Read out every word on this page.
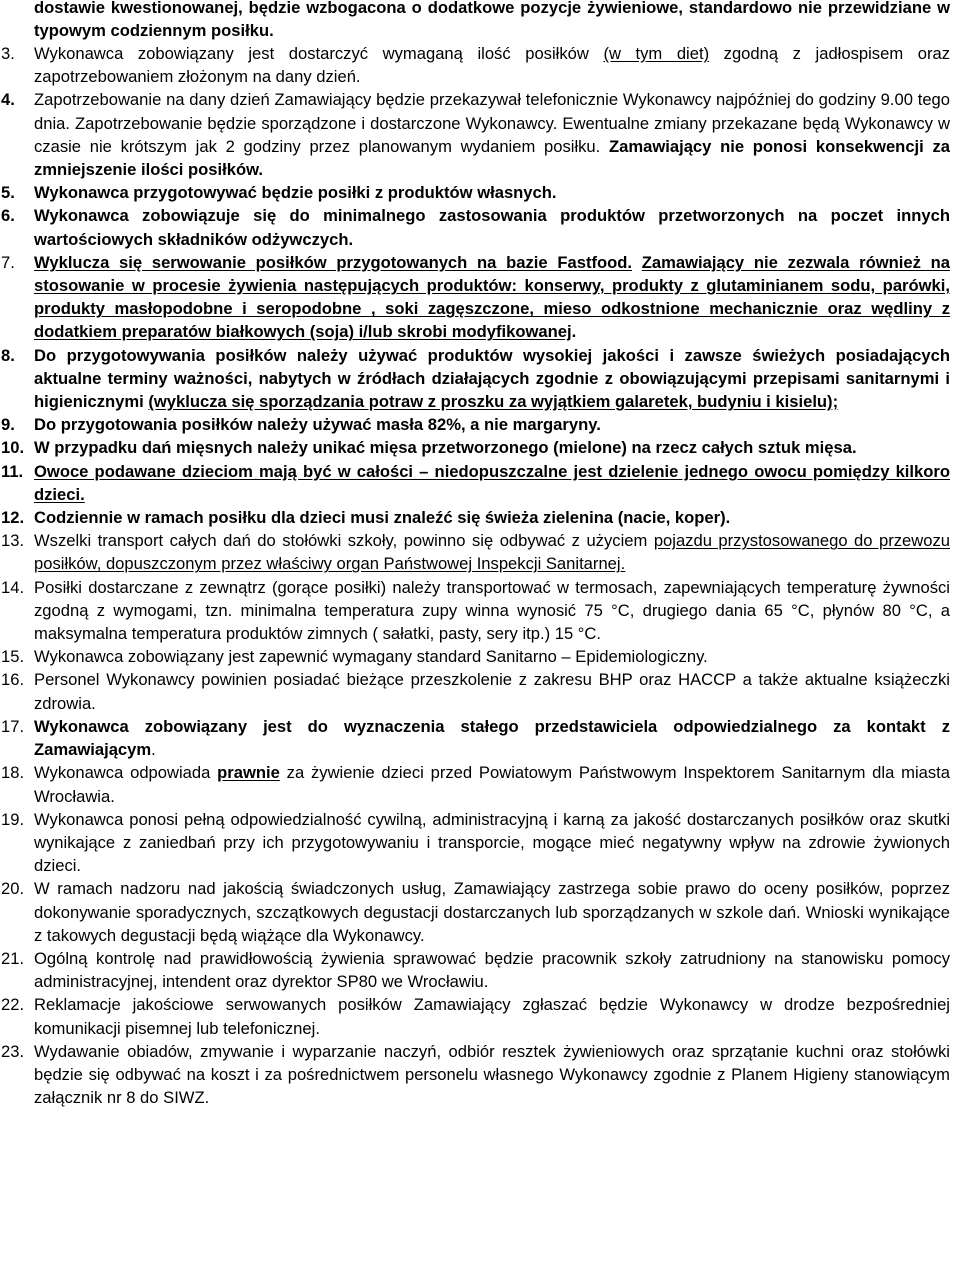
dostawie kwestionowanej, będzie wzbogacona o dodatkowe pozycje żywieniowe, standardowo nie przewidziane w typowym codziennym posiłku.

3.	Wykonawca zobowiązany jest dostarczyć wymaganą ilość posiłków (w tym diet) zgodną z jadłospisem oraz zapotrzebowaniem złożonym na dany dzień.
4.	Zapotrzebowanie na dany dzień Zamawiający będzie przekazywał telefonicznie Wykonawcy najpóźniej do godziny 9.00 tego dnia. Zapotrzebowanie będzie sporządzone i dostarczone Wykonawcy. Ewentualne zmiany przekazane będą Wykonawcy w czasie nie krótszym jak 2 godziny przez planowanym wydaniem posiłku. Zamawiający nie ponosi konsekwencji za zmniejszenie ilości posiłków.
5.	Wykonawca przygotowywać będzie posiłki z produktów własnych.
6.	Wykonawca zobowiązuje się do minimalnego zastosowania produktów przetworzonych na poczet innych wartościowych składników odżywczych.
7.	Wyklucza się serwowanie posiłków przygotowanych na bazie Fastfood. Zamawiający nie zezwala również na stosowanie w procesie żywienia następujących produktów: konserwy, produkty z glutaminianem sodu, parówki, produkty masłopodobne i seropodobne , soki zagęszczone, mieso odkostnione mechanicznie oraz wędliny z dodatkiem preparatów białkowych (soja) i/lub skrobi modyfikowanej.
8.	Do przygotowywania posiłków należy używać produktów wysokiej jakości i zawsze świeżych posiadających aktualne terminy ważności, nabytych w źródłach działających zgodnie z obowiązującymi przepisami sanitarnymi i higienicznymi (wyklucza się sporządzania potraw z proszku za wyjątkiem galaretek, budyniu i kisielu);
9.	Do przygotowania posiłków należy używać masła 82%, a nie margaryny.
10. W przypadku dań mięsnych należy unikać mięsa przetworzonego (mielone) na rzecz całych sztuk mięsa.
11. Owoce podawane dzieciom mają być w całości – niedopuszczalne jest dzielenie jednego owocu pomiędzy kilkoro dzieci.
12. Codziennie w ramach posiłku dla dzieci musi znaleźć się świeża zielenina (nacie, koper).
13. Wszelki transport całych dań do stołówki szkoły, powinno się odbywać z użyciem pojazdu przystosowanego do przewozu posiłków, dopuszczonym przez właściwy organ Państwowej Inspekcji Sanitarnej.
14. Posiłki dostarczane z zewnątrz (gorące posiłki) należy transportować w termosach, zapewniających temperaturę żywności zgodną z wymogami, tzn. minimalna temperatura zupy winna wynosić 75 °C, drugiego dania 65 °C, płynów 80 °C, a maksymalna temperatura produktów zimnych ( sałatki, pasty, sery itp.) 15 °C.
15. Wykonawca zobowiązany jest zapewnić wymagany standard Sanitarno – Epidemiologiczny.
16. Personel Wykonawcy powinien posiadać bieżące przeszkolenie z zakresu BHP oraz HACCP a także aktualne książeczki zdrowia.
17. Wykonawca zobowiązany jest do wyznaczenia stałego przedstawiciela odpowiedzialnego za kontakt z Zamawiającym.
18. Wykonawca odpowiada prawnie za żywienie dzieci przed Powiatowym Państwowym Inspektorem Sanitarnym dla miasta Wrocławia.
19. Wykonawca ponosi pełną odpowiedzialność cywilną, administracyjną i karną za jakość dostarczanych posiłków oraz skutki wynikające z zaniedbań przy ich przygotowywaniu i transporcie, mogące mieć negatywny wpływ na zdrowie żywionych dzieci.
20. W ramach nadzoru nad jakością świadczonych usług, Zamawiający zastrzega sobie prawo do oceny posiłków, poprzez dokonywanie sporadycznych, szczątkowych degustacji dostarczanych lub sporządzanych w szkole dań. Wnioski wynikające z takowych degustacji będą wiążące dla Wykonawcy.
21. Ogólną kontrolę nad prawidłowością żywienia sprawować będzie pracownik szkoły zatrudniony na stanowisku pomocy administracyjnej, intendent oraz dyrektor SP80 we Wrocławiu.
22. Reklamacje jakościowe serwowanych posiłków Zamawiający zgłaszać będzie Wykonawcy w drodze bezpośredniej komunikacji pisemnej lub telefonicznej.
23. Wydawanie obiadów, zmywanie i wyparzanie naczyń, odbiór resztek żywieniowych oraz sprzątanie kuchni oraz stołówki będzie się odbywać na koszt i za pośrednictwem personelu własnego Wykonawcy zgodnie z Planem Higieny stanowiącym załącznik nr 8 do SIWZ.
